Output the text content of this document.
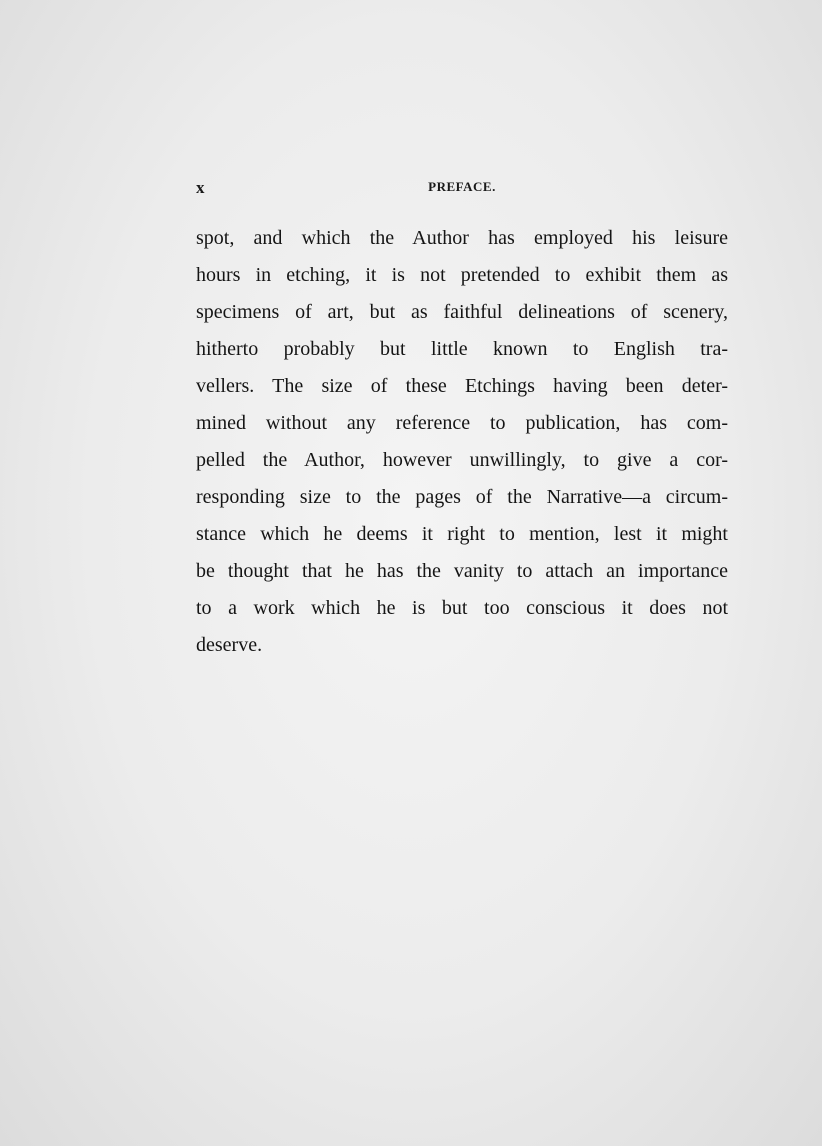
x	PREFACE.
spot, and which the Author has employed his leisure
hours in etching, it is not pretended to exhibit them as
specimens of art, but as faithful delineations of scenery,
hitherto probably but little known to English tra-
vellers. The size of these Etchings having been deter-
mined without any reference to publication, has com-
pelled the Author, however unwillingly, to give a cor-
responding size to the pages of the Narrative—a circum-
stance which he deems it right to mention, lest it might
be thought that he has the vanity to attach an importance
to a work which he is but too conscious it does not
deserve.
